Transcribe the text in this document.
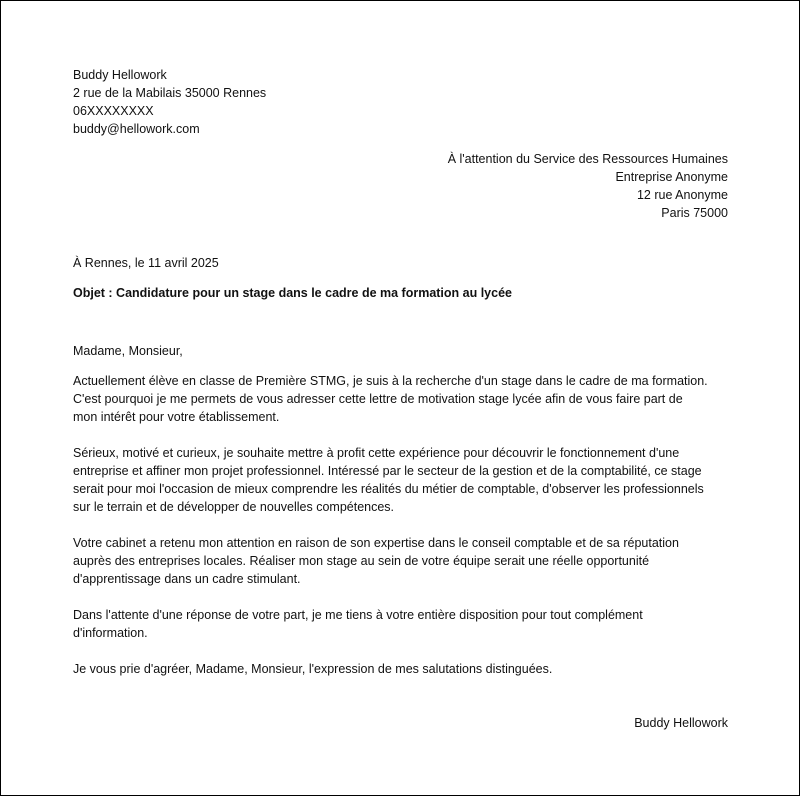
Buddy Hellowork
2 rue de la Mabilais 35000 Rennes
06XXXXXXXX
buddy@hellowork.com
À l'attention du Service des Ressources Humaines
Entreprise Anonyme
12 rue Anonyme
Paris 75000
À Rennes, le 11 avril 2025
Objet : Candidature pour un stage dans le cadre de ma formation au lycée
Madame, Monsieur,
Actuellement élève en classe de Première STMG, je suis à la recherche d'un stage dans le cadre de ma formation.
C'est pourquoi je me permets de vous adresser cette lettre de motivation stage lycée afin de vous faire part de
mon intérêt pour votre établissement.
Sérieux, motivé et curieux, je souhaite mettre à profit cette expérience pour découvrir le fonctionnement d'une
entreprise et affiner mon projet professionnel. Intéressé par le secteur de la gestion et de la comptabilité, ce stage
serait pour moi l'occasion de mieux comprendre les réalités du métier de comptable, d'observer les professionnels
sur le terrain et de développer de nouvelles compétences.
Votre cabinet a retenu mon attention en raison de son expertise dans le conseil comptable et de sa réputation
auprès des entreprises locales. Réaliser mon stage au sein de votre équipe serait une réelle opportunité
d'apprentissage dans un cadre stimulant.
Dans l'attente d'une réponse de votre part, je me tiens à votre entière disposition pour tout complément
d'information.
Je vous prie d'agréer, Madame, Monsieur, l'expression de mes salutations distinguées.
Buddy Hellowork
